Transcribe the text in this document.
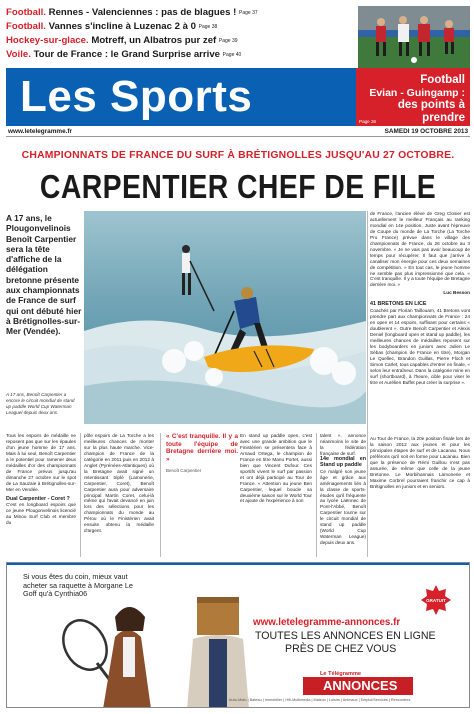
Football. Rennes - Valenciennes : pas de blagues ! Page 37
Football. Vannes s'incline à Luzenac 2 à 0 Page 38
Hockey-sur-glace. Motreff, un Albatros pur zef Page 39
Voile. Tour de France : le Grand Surprise arrive Page 40
Les Sports	Football
Evian - Guingamp :
des points à prendre
Page 36
www.letelegramme.fr	SAMEDI 19 OCTOBRE 2013
CHAMPIONNATS DE FRANCE DU SURF À BRÉTIGNOLLES JUSQU'AU 27 OCTOBRE.
CARPENTIER CHEF DE FILE
A 17 ans, le Plougonvelinois Benoît Carpentier sera la tête d'affiche de la délégation bretonne présente aux championnats de France de surf qui ont débuté hier à Brétignolles-sur-Mer (Vendée).
A 17 ans, Benoît Carpentier a encore le circuit mondial de stand up paddle World Cup Waterman Leaguel depuis deux ans.
de France, l'ancien élève de Greg Closier est actuellement le meilleur Français au ranking mondial en 14e position. Juste avant l'épreuve de Coupe du monde de La Torche (La Torche Pro France) prévue dans le village des championnats de France, du 26 octobre au 3 novembre. « Je ne vais pas avoir beaucoup de temps pour récupérer. Il faut que j'arrive à canaliser mon énergie pour ces deux semaines de compétition. » En tout cas, le jeune homme ne semble pas plus impressionné que cela. « C'est tranquille. Il y a toute l'équipe de Bretagne derrière moi. »
Luc Besson
41 BRETONS EN LICE
Coachés par Florian Taillouarn, 41 Bretons vont prendre part aux championnats de France : 24 en open et 14 espoirs, suffisant pour certains « doublerent ». Outre Benoît Carpentier et Alexis Deniel (longboard open et stand up paddle), les meilleures chances de médailles reposent sur les bodyboarders en juniors avec Julien Le Sébas (champion de France en titre), Morgan Le Quellec, Brandon Guillas, Pierre Floch et Simon Carlet, tous capables d'entrer en finale, « selon leur entraîneur. Dans la catégorie mine en surf (shortboard), à l'heure, cible pour viser le titre et Aurélien Buffet peut créer la surprise ».
Tous les espoirs de médaille ne reposent pas que sur les épaules d'un jeune homme de 17 ans. Mais à lui seul, Benoît Carpentier a le potentiel pour ramener deux médailles d'or des championnats de France prévus jusqu'au dimanche 27 octobre sur le spot de La Sauzaie à Brétignolles-sur-Mer en Vendée.
Dual Carpentier - Coret ?
C'est en longboard espoirs que ce jeune Plougonvelinois licencié au Minou Surf Club et membre du
pôle espoirs de La Torche a les meilleures chances de monter sur la plus haute marche. Vice-champion de France de la catégorie en 2011 puis en 2012 à Anglet (Pyrénées-Atlantiques) où la Bretagne avait signé un retentissant triplé (Lamonerie, Carpentier, Coret), Benoît Carpentier aura pour adversaire principal Martin Coret, celui-là même qui l'avait devancé en juin lors des sélections pour les championnats du monde au Pérou où le Finistérien avait ensuite obtenu la médaille d'argent.
« C'est tranquille. Il y a toute l'équipe de Bretagne derrière moi. »
Benoît Carpentier
En stand up paddle open, c'est avec une grande ambition que le Finistérien se présentera face à Arnaud Ortega, le champion de France en titre Manu Portet, aussi bien que Vincent Dufour. Ces sportifs vivent le surf par passion et ont déjà participé au Tour de France. « Attention au jeune Ben Carpentier, lequel boucle sa deuxième saison sur le World Tour et ajoute de l'expérience à son
talent », annonce néanmoins le site de la fédération française de surf.
14e mondial en Stand up paddle
Ce malgré son jeune âge et grâce aux aménagements liés à la classe de sports-études qu'il fréquente au lycée Laënnec de Pont-l'Abbé, Benoît Carpentier tourne sur le circuit mondial de stand up paddle (World Cup Waterman League) depuis deux ans.
Au Tour de France, la 20e position finale lors de la saison 2012 aux jeunes et pour les principales étapes de surf et de Lacanau. Nous préférons qu'il soit en forme pour Lacanau. Bien que la présence de Rémi Guillou n'est pas assurée, de même que celle de la jeune Bretonne. Le Morbihannais Lamonerie et Maxime Corbrel pourraient franchir ce cap à Brétignolles en juniors et en seniors.
Si vous êtes du coin, mieux vaut acheter sa raquette à Morgane Le Goff qu'à Cynthia06
www.letelegramme-annonces.fr
TOUTES LES ANNONCES EN LIGNE
PRÈS DE CHEZ VOUS
Le Télégramme
ANNONCES
Auto-Moto | Bateau | Immobilier | Hifi-Multimedia | Maison | Loisirs | Animaux | Emploi/Services | Rencontres
GRATUIT
